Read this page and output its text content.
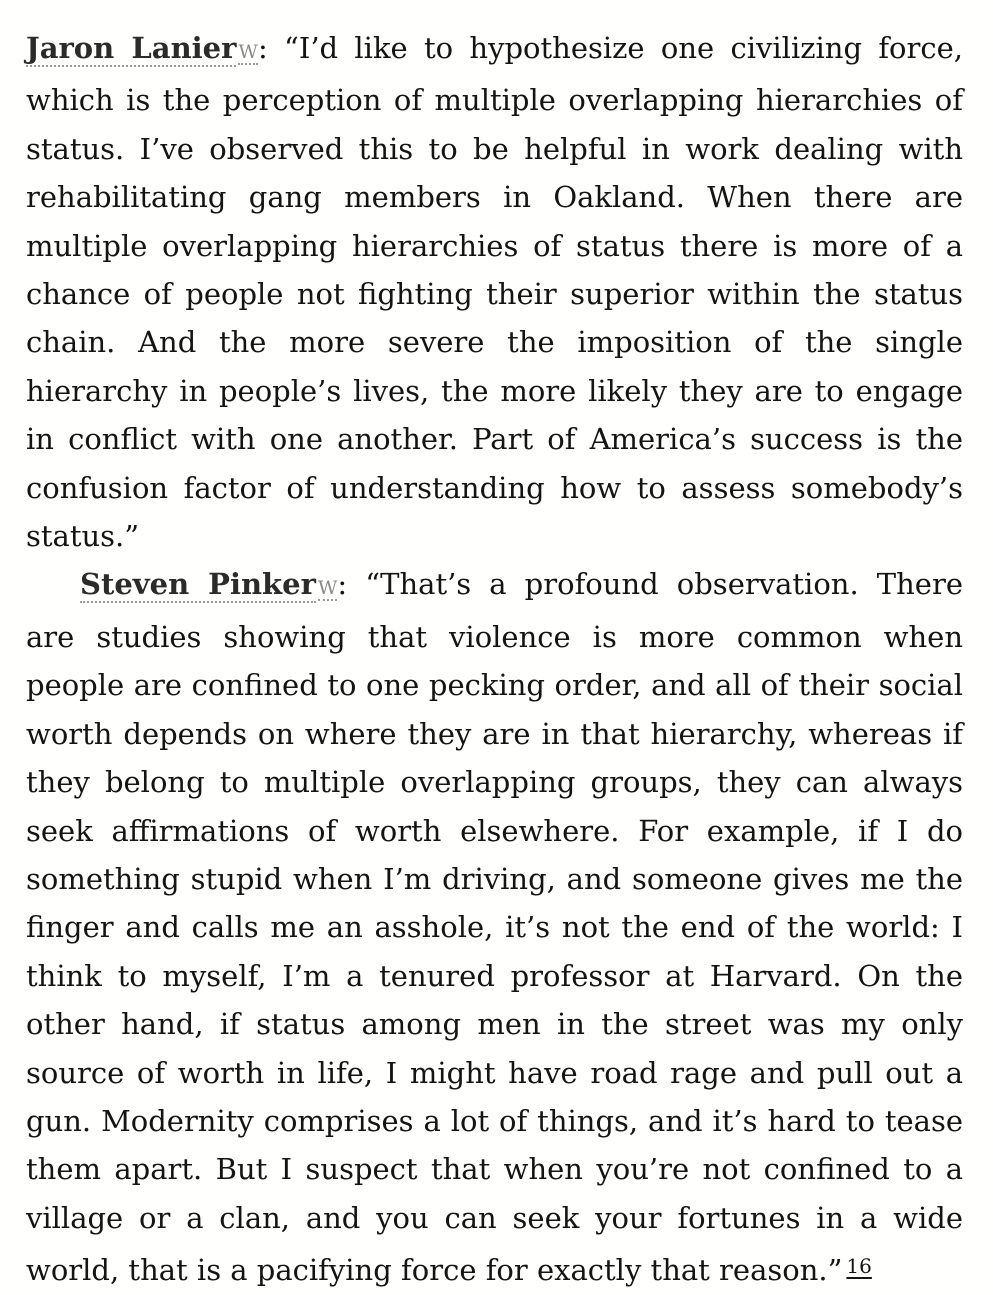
Jaron Lanier W: “I’d like to hypothesize one civilizing force, which is the perception of multiple overlapping hierarchies of status. I’ve observed this to be helpful in work dealing with rehabilitating gang members in Oakland. When there are multiple overlapping hierarchies of status there is more of a chance of people not fighting their superior within the status chain. And the more severe the imposition of the single hierarchy in people’s lives, the more likely they are to engage in conflict with one another. Part of America’s success is the confusion factor of understanding how to assess somebody’s status.”

Steven Pinker W: “That’s a profound observation. There are studies showing that violence is more common when people are confined to one pecking order, and all of their social worth depends on where they are in that hierarchy, whereas if they belong to multiple overlapping groups, they can always seek affirmations of worth elsewhere. For example, if I do something stupid when I’m driving, and someone gives me the finger and calls me an asshole, it’s not the end of the world: I think to myself, I’m a tenured professor at Harvard. On the other hand, if status among men in the street was my only source of worth in life, I might have road rage and pull out a gun. Modernity comprises a lot of things, and it’s hard to tease them apart. But I suspect that when you’re not confined to a village or a clan, and you can seek your fortunes in a wide world, that is a pacifying force for exactly that reason.” $^{16}$
